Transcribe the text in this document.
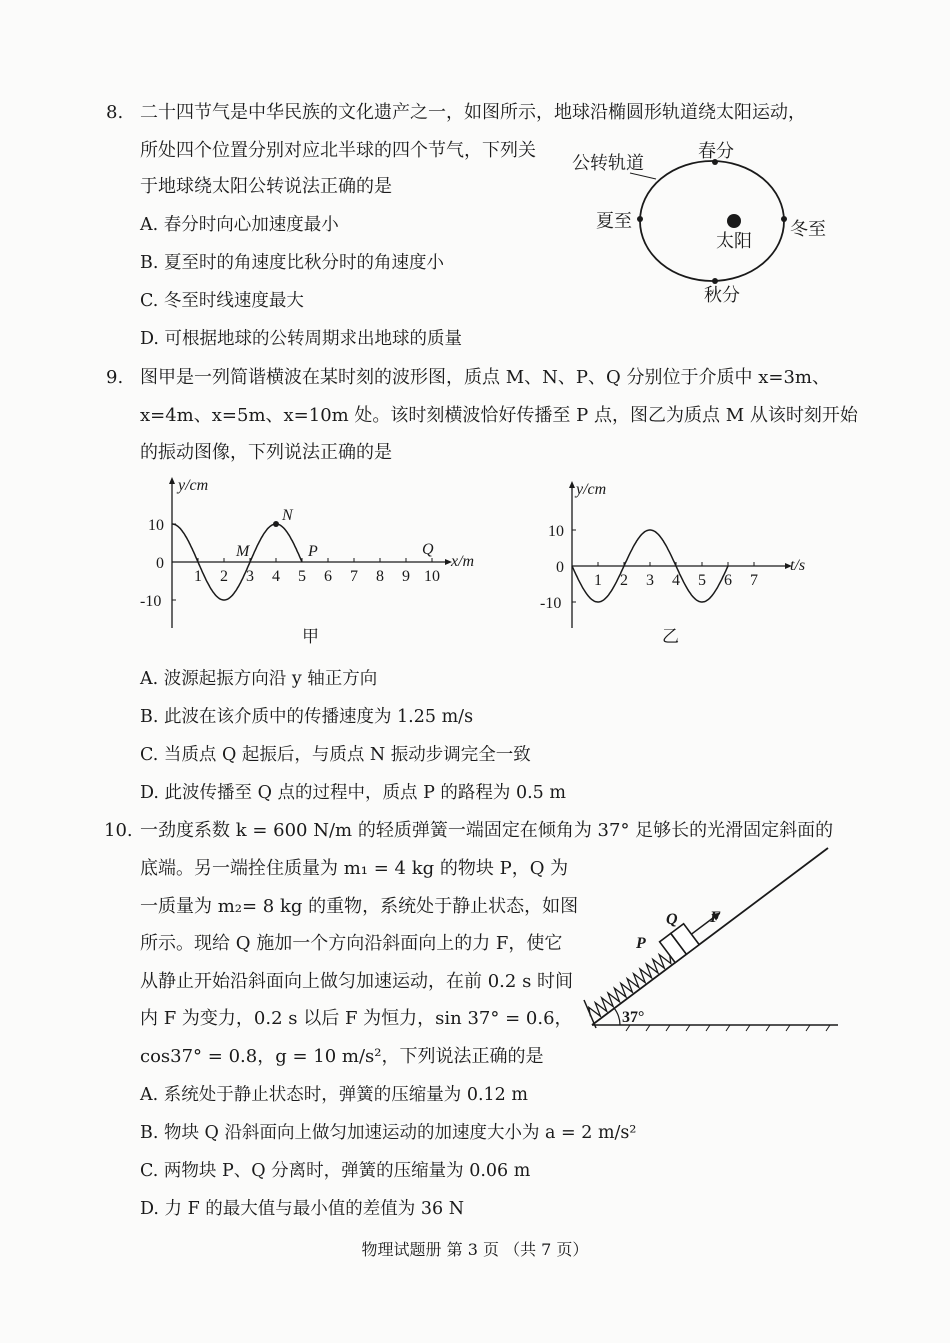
8. 二十四节气是中华民族的文化遗产之一，如图所示，地球沿椭圆形轨道绕太阳运动，
所处四个位置分别对应北半球的四个节气，下列关
于地球绕太阳公转说法正确的是
A. 春分时向心加速度最小
B. 夏至时的角速度比秋分时的角速度小
C. 冬至时线速度最大
D. 可根据地球的公转周期求出地球的质量
公转轨道
春分
夏至	冬至
秋分
太阳
9. 图甲是一列简谐横波在某时刻的波形图，质点 M、N、P、Q 分别位于介质中 x=3m、
x=4m、x=5m、x=10m 处。该时刻横波恰好传播至 P 点，图乙为质点 M 从该时刻开始
的振动图像，下列说法正确的是
1 2 3 4 5 6 7 8 9 10
10
0
-10
M
N
P	Q
y/cm
x/m
甲
1 2 3 4 5 6 7
10
0
-10
y/cm
t/s
乙
A. 波源起振方向沿 y 轴正方向
B. 此波在该介质中的传播速度为 1.25 m/s
C. 当质点 Q 起振后，与质点 N 振动步调完全一致
D. 此波传播至 Q 点的过程中，质点 P 的路程为 0.5 m
10. 一劲度系数 k = 600 N/m 的轻质弹簧一端固定在倾角为 37° 足够长的光滑固定斜面的
底端。另一端拴住质量为 m₁ = 4 kg 的物块 P，Q 为
一质量为 m₂= 8 kg 的重物，系统处于静止状态，如图
所示。现给 Q 施加一个方向沿斜面向上的力 F，使它
从静止开始沿斜面向上做匀加速运动，在前 0.2 s 时间
内 F 为变力，0.2 s 以后 F 为恒力，sin 37° = 0.6，
cos37° = 0.8，g = 10 m/s²，下列说法正确的是
37°
P
Q F
A. 系统处于静止状态时，弹簧的压缩量为 0.12 m
B. 物块 Q 沿斜面向上做匀加速运动的加速度大小为 a = 2 m/s²
C. 两物块 P、Q 分离时，弹簧的压缩量为 0.06 m
D. 力 F 的最大值与最小值的差值为 36 N
物理试题册 第 3 页 （共 7 页）
